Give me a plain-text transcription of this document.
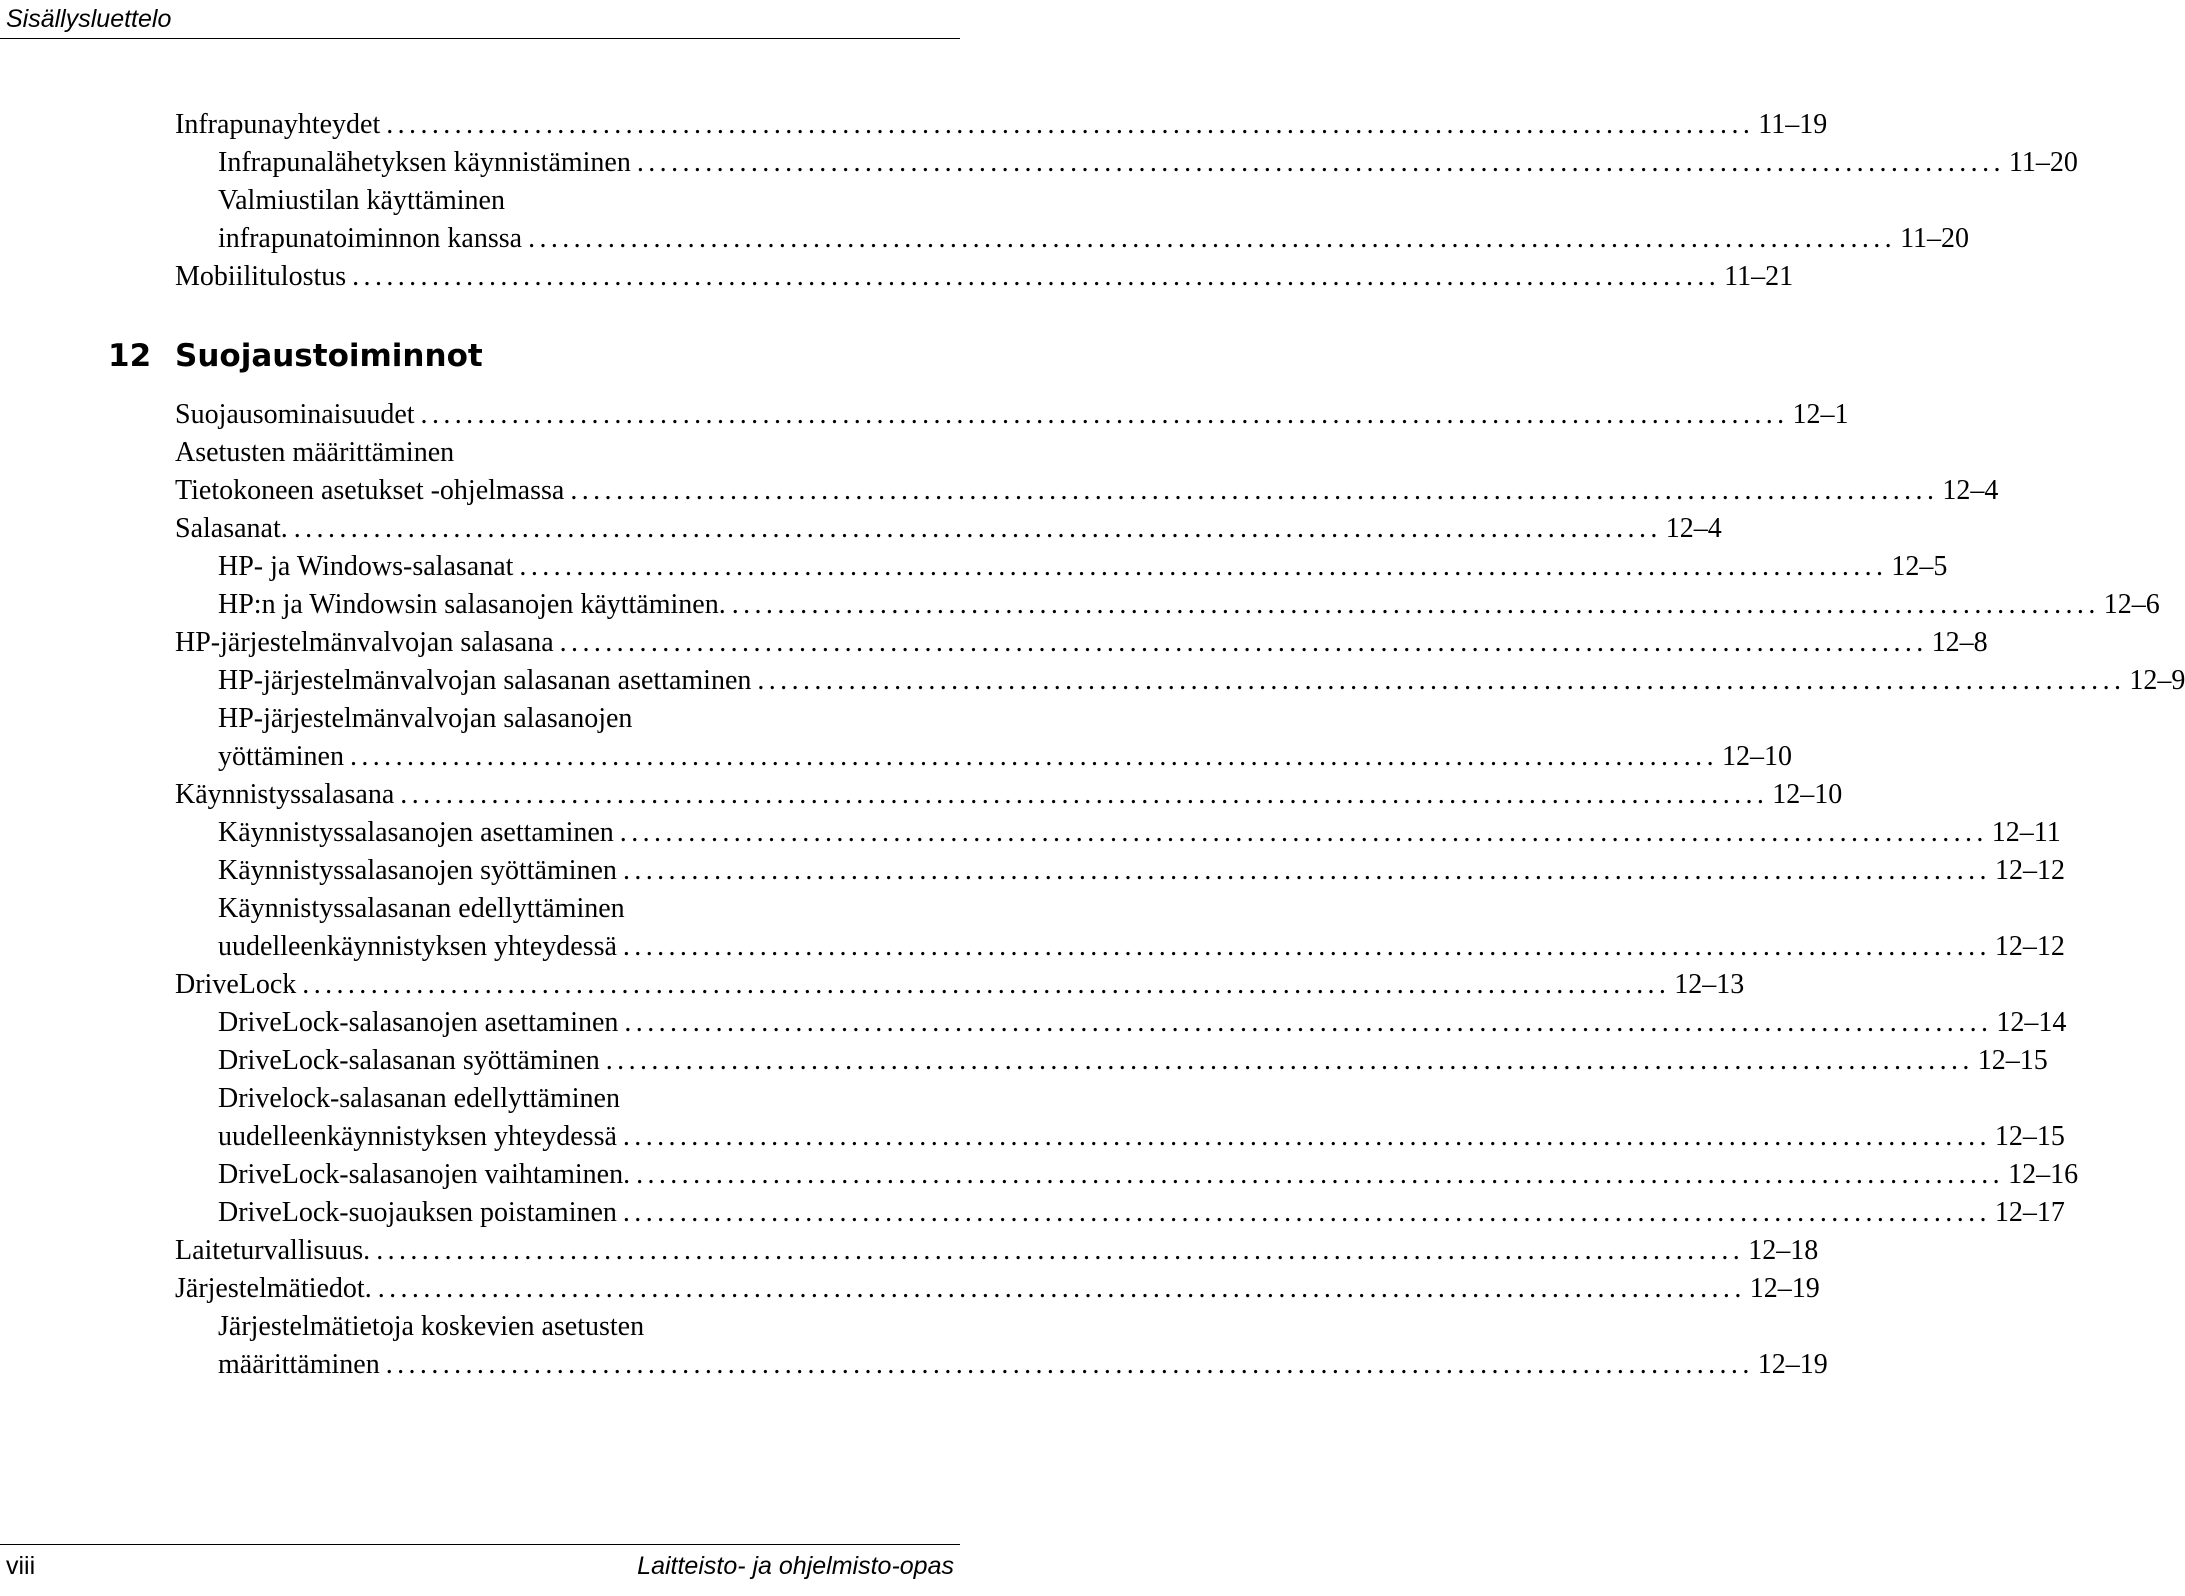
Sisällysluettelo
Infrapunayhteydet ........................................................................................................................ 11–19
Infrapunalähetyksen käynnistäminen ........................................................................................................................ 11–20
Valmiustilan käyttäminen
infrapunatoiminnon kanssa ........................................................................................................................ 11–20
Mobiilitulostus ........................................................................................................................ 11–21
12 Suojaustoiminnot
Suojausominaisuudet ........................................................................................................................ 12–1
Asetusten määrittäminen
Tietokoneen asetukset -ohjelmassa ........................................................................................................................ 12–4
Salasanat. ........................................................................................................................ 12–4
HP- ja Windows-salasanat ........................................................................................................................ 12–5
HP:n ja Windowsin salasanojen käyttäminen. ........................................................................................................................ 12–6
HP-järjestelmänvalvojan salasana ........................................................................................................................ 12–8
HP-järjestelmänvalvojan salasanan asettaminen ........................................................................................................................ 12–9
HP-järjestelmänvalvojan salasanojen
yöttäminen ........................................................................................................................ 12–10
Käynnistyssalasana ........................................................................................................................ 12–10
Käynnistyssalasanojen asettaminen ........................................................................................................................ 12–11
Käynnistyssalasanojen syöttäminen ........................................................................................................................ 12–12
Käynnistyssalasanan edellyttäminen
uudelleenkäynnistyksen yhteydessä ........................................................................................................................ 12–12
DriveLock ........................................................................................................................ 12–13
DriveLock-salasanojen asettaminen ........................................................................................................................ 12–14
DriveLock-salasanan syöttäminen ........................................................................................................................ 12–15
Drivelock-salasanan edellyttäminen
uudelleenkäynnistyksen yhteydessä ........................................................................................................................ 12–15
DriveLock-salasanojen vaihtaminen. ........................................................................................................................ 12–16
DriveLock-suojauksen poistaminen ........................................................................................................................ 12–17
Laiteturvallisuus. ........................................................................................................................ 12–18
Järjestelmätiedot. ........................................................................................................................ 12–19
Järjestelmätietoja koskevien asetusten
määrittäminen ........................................................................................................................ 12–19
viii	Laitteisto- ja ohjelmisto-opas
